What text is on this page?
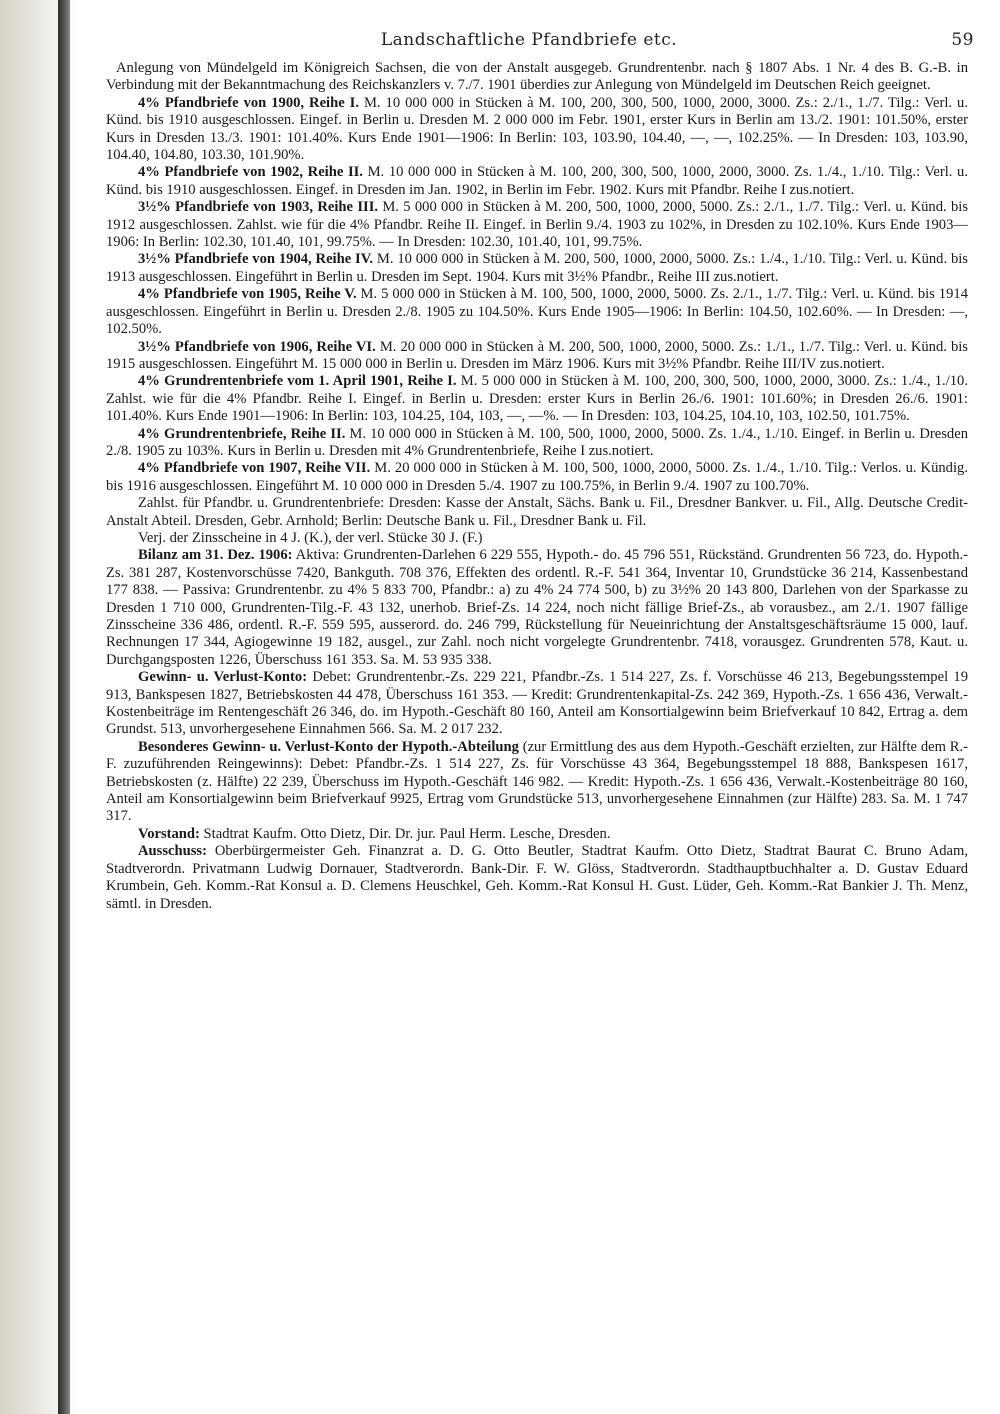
Landschaftliche Pfandbriefe etc.	59

Anlegung von Mündelgeld im Königreich Sachsen, die von der Anstalt ausgegeb. Grundrentenbr. nach § 1807 Abs. 1 Nr. 4 des B. G.-B. in Verbindung mit der Bekanntmachung des Reichskanzlers v. 7./7. 1901 überdies zur Anlegung von Mündelgeld im Deutschen Reich geeignet.

4% Pfandbriefe von 1900, Reihe I. M. 10 000 000 in Stücken à M. 100, 200, 300, 500, 1000, 2000, 3000. Zs.: 2./1., 1./7. Tilg.: Verl. u. Künd. bis 1910 ausgeschlossen. Eingef. in Berlin u. Dresden M. 2 000 000 im Febr. 1901, erster Kurs in Berlin am 13./2. 1901: 101.50%, erster Kurs in Dresden 13./3. 1901: 101.40%. Kurs Ende 1901—1906: In Berlin: 103, 103.90, 104.40, —, —, 102.25%. — In Dresden: 103, 103.90, 104.40, 104.80, 103.30, 101.90%.

4% Pfandbriefe von 1902, Reihe II. M. 10 000 000 in Stücken à M. 100, 200, 300, 500, 1000, 2000, 3000. Zs. 1./4., 1./10. Tilg.: Verl. u. Künd. bis 1910 ausgeschlossen. Eingef. in Dresden im Jan. 1902, in Berlin im Febr. 1902. Kurs mit Pfandbr. Reihe I zus.notiert.

3½% Pfandbriefe von 1903, Reihe III. M. 5 000 000 in Stücken à M. 200, 500, 1000, 2000, 5000. Zs.: 2./1., 1./7. Tilg.: Verl. u. Künd. bis 1912 ausgeschlossen. Zahlst. wie für die 4% Pfandbr. Reihe II. Eingef. in Berlin 9./4. 1903 zu 102%, in Dresden zu 102.10%. Kurs Ende 1903—1906: In Berlin: 102.30, 101.40, 101, 99.75%. — In Dresden: 102.30, 101.40, 101, 99.75%.

3½% Pfandbriefe von 1904, Reihe IV. M. 10 000 000 in Stücken à M. 200, 500, 1000, 2000, 5000. Zs.: 1./4., 1./10. Tilg.: Verl. u. Künd. bis 1913 ausgeschlossen. Eingeführt in Berlin u. Dresden im Sept. 1904. Kurs mit 3½% Pfandbr., Reihe III zus.notiert.

4% Pfandbriefe von 1905, Reihe V. M. 5 000 000 in Stücken à M. 100, 500, 1000, 2000, 5000. Zs. 2./1., 1./7. Tilg.: Verl. u. Künd. bis 1914 ausgeschlossen. Eingeführt in Berlin u. Dresden 2./8. 1905 zu 104.50%. Kurs Ende 1905—1906: In Berlin: 104.50, 102.60%. — In Dresden: —, 102.50%.

3½% Pfandbriefe von 1906, Reihe VI. M. 20 000 000 in Stücken à M. 200, 500, 1000, 2000, 5000. Zs.: 1./1., 1./7. Tilg.: Verl. u. Künd. bis 1915 ausgeschlossen. Eingeführt M. 15 000 000 in Berlin u. Dresden im März 1906. Kurs mit 3½% Pfandbr. Reihe III/IV zus.notiert.

4% Grundrentenbriefe vom 1. April 1901, Reihe I. M. 5 000 000 in Stücken à M. 100, 200, 300, 500, 1000, 2000, 3000. Zs.: 1./4., 1./10. Zahlst. wie für die 4% Pfandbr. Reihe I. Eingef. in Berlin u. Dresden: erster Kurs in Berlin 26./6. 1901: 101.60%; in Dresden 26./6. 1901: 101.40%. Kurs Ende 1901—1906: In Berlin: 103, 104.25, 104, 103, —, —%. — In Dresden: 103, 104.25, 104.10, 103, 102.50, 101.75%.

4% Grundrentenbriefe, Reihe II. M. 10 000 000 in Stücken à M. 100, 500, 1000, 2000, 5000. Zs. 1./4., 1./10. Eingef. in Berlin u. Dresden 2./8. 1905 zu 103%. Kurs in Berlin u. Dresden mit 4% Grundrentenbriefe, Reihe I zus.notiert.

4% Pfandbriefe von 1907, Reihe VII. M. 20 000 000 in Stücken à M. 100, 500, 1000, 2000, 5000. Zs. 1./4., 1./10. Tilg.: Verlos. u. Kündig. bis 1916 ausgeschlossen. Eingeführt M. 10 000 000 in Dresden 5./4. 1907 zu 100.75%, in Berlin 9./4. 1907 zu 100.70%.

Zahlst. für Pfandbr. u. Grundrentenbriefe: Dresden: Kasse der Anstalt, Sächs. Bank u. Fil., Dresdner Bankver. u. Fil., Allg. Deutsche Credit-Anstalt Abteil. Dresden, Gebr. Arnhold; Berlin: Deutsche Bank u. Fil., Dresdner Bank u. Fil.

Verj. der Zinsscheine in 4 J. (K.), der verl. Stücke 30 J. (F.)

Bilanz am 31. Dez. 1906: Aktiva: Grundrenten-Darlehen 6 229 555, Hypoth.- do. 45 796 551, Rückständ. Grundrenten 56 723, do. Hypoth.-Zs. 381 287, Kostenvorschüsse 7420, Bankguth. 708 376, Effekten des ordentl. R.-F. 541 364, Inventar 10, Grundstücke 36 214, Kassenbestand 177 838. — Passiva: Grundrentenbr. zu 4% 5 833 700, Pfandbr.: a) zu 4% 24 774 500, b) zu 3½% 20 143 800, Darlehen von der Sparkasse zu Dresden 1 710 000, Grundrenten-Tilg.-F. 43 132, unerhob. Brief-Zs. 14 224, noch nicht fällige Brief-Zs., ab vorausbez., am 2./1. 1907 fällige Zinsscheine 336 486, ordentl. R.-F. 559 595, ausserord. do. 246 799, Rückstellung für Neueinrichtung der Anstaltsgeschäftsräume 15 000, lauf. Rechnungen 17 344, Agiogewinne 19 182, ausgel., zur Zahl. noch nicht vorgelegte Grundrentenbr. 7418, vorausgez. Grundrenten 578, Kaut. u. Durchgangsposten 1226, Überschuss 161 353. Sa. M. 53 935 338.

Gewinn- u. Verlust-Konto: Debet: Grundrentenbr.-Zs. 229 221, Pfandbr.-Zs. 1 514 227, Zs. f. Vorschüsse 46 213, Begebungsstempel 19 913, Bankspesen 1827, Betriebskosten 44 478, Überschuss 161 353. — Kredit: Grundrentenkapital-Zs. 242 369, Hypoth.-Zs. 1 656 436, Verwalt.-Kostenbeiträge im Rentengeschäft 26 346, do. im Hypoth.-Geschäft 80 160, Anteil am Konsortialgewinn beim Briefverkauf 10 842, Ertrag a. dem Grundst. 513, unvorhergesehene Einnahmen 566. Sa. M. 2 017 232.

Besonderes Gewinn- u. Verlust-Konto der Hypoth.-Abteilung (zur Ermittlung des aus dem Hypoth.-Geschäft erzielten, zur Hälfte dem R.-F. zuzuführenden Reingewinns): Debet: Pfandbr.-Zs. 1 514 227, Zs. für Vorschüsse 43 364, Begebungsstempel 18 888, Bankspesen 1617, Betriebskosten (z. Hälfte) 22 239, Überschuss im Hypoth.-Geschäft 146 982. — Kredit: Hypoth.-Zs. 1 656 436, Verwalt.-Kostenbeiträge 80 160, Anteil am Konsortialgewinn beim Briefverkauf 9925, Ertrag vom Grundstücke 513, unvorhergesehene Einnahmen (zur Hälfte) 283. Sa. M. 1 747 317.

Vorstand: Stadtrat Kaufm. Otto Dietz, Dir. Dr. jur. Paul Herm. Lesche, Dresden.

Ausschuss: Oberbürgermeister Geh. Finanzrat a. D. G. Otto Beutler, Stadtrat Kaufm. Otto Dietz, Stadtrat Baurat C. Bruno Adam, Stadtverordn. Privatmann Ludwig Dornauer, Stadtverordn. Bank-Dir. F. W. Glöss, Stadtverordn. Stadthauptbuchhalter a. D. Gustav Eduard Krumbein, Geh. Komm.-Rat Konsul a. D. Clemens Heuschkel, Geh. Komm.-Rat Konsul H. Gust. Lüder, Geh. Komm.-Rat Bankier J. Th. Menz, sämtl. in Dresden.
